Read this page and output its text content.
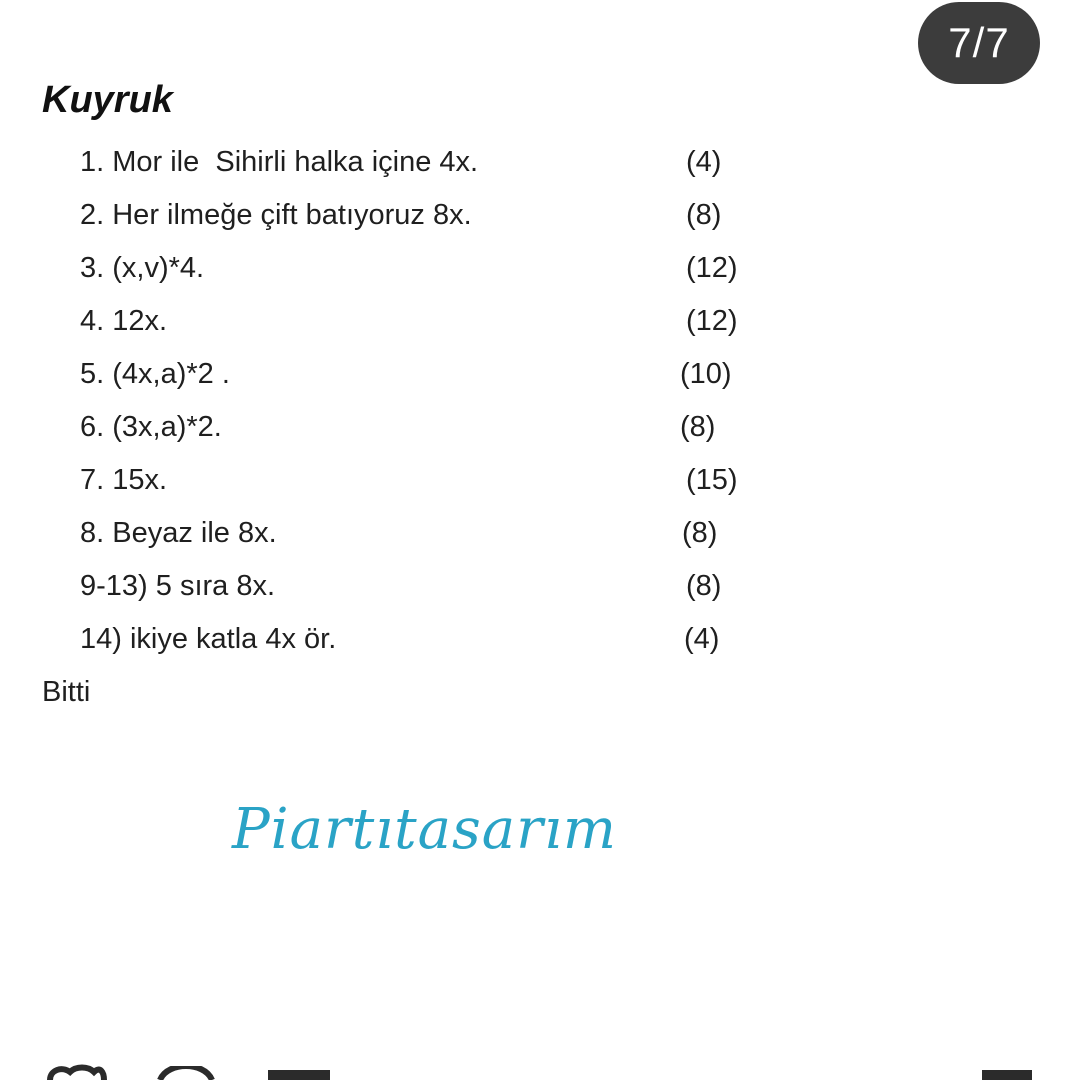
7/7
Kuyruk
1. Mor ile  Sihirli halka içine 4x.	(4)
2. Her ilmeğe çift batıyoruz 8x.	(8)
3. (x,v)*4.	(12)
4. 12x.	(12)
5. (4x,a)*2 .	(10)
6. (3x,a)*2.	(8)
7. 15x.	(15)
8. Beyaz ile 8x.	(8)
9-13) 5 sıra 8x.	(8)
14) ikiye katla 4x ör.	(4)
Bitti
Piartıtasarım
